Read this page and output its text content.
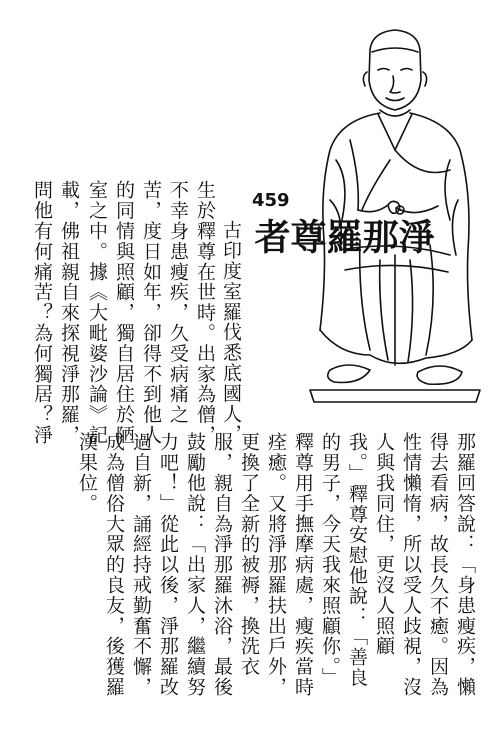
459
淨那羅尊者
古印度室羅伐悉底國人，
生於釋尊在世時。出家為僧，
不幸身患瘦疾，久受病痛之
苦，度日如年，卻得不到他人
的同情與照顧，獨自居住於陋
室之中。據《大毗婆沙論》記
載，佛祖親自來探視淨那羅，
問他有何痛苦？為何獨居？淨
那羅回答說：「身患瘦疾，懶
得去看病，故長久不癒。因為
性情懶惰，所以受人歧視，沒
人與我同住，更沒人照顧
我。」釋尊安慰他說：「善良
的男子，今天我來照顧你。」
釋尊用手撫摩病處，瘦疾當時
痊癒。又將淨那羅扶出戶外，
更換了全新的被褥，換洗衣
服，親自為淨那羅沐浴，最後
鼓勵他說：「出家人，繼續努
力吧！」從此以後，淨那羅改
過自新，誦經持戒勤奮不懈，
成為僧俗大眾的良友，後獲羅
漢果位。
